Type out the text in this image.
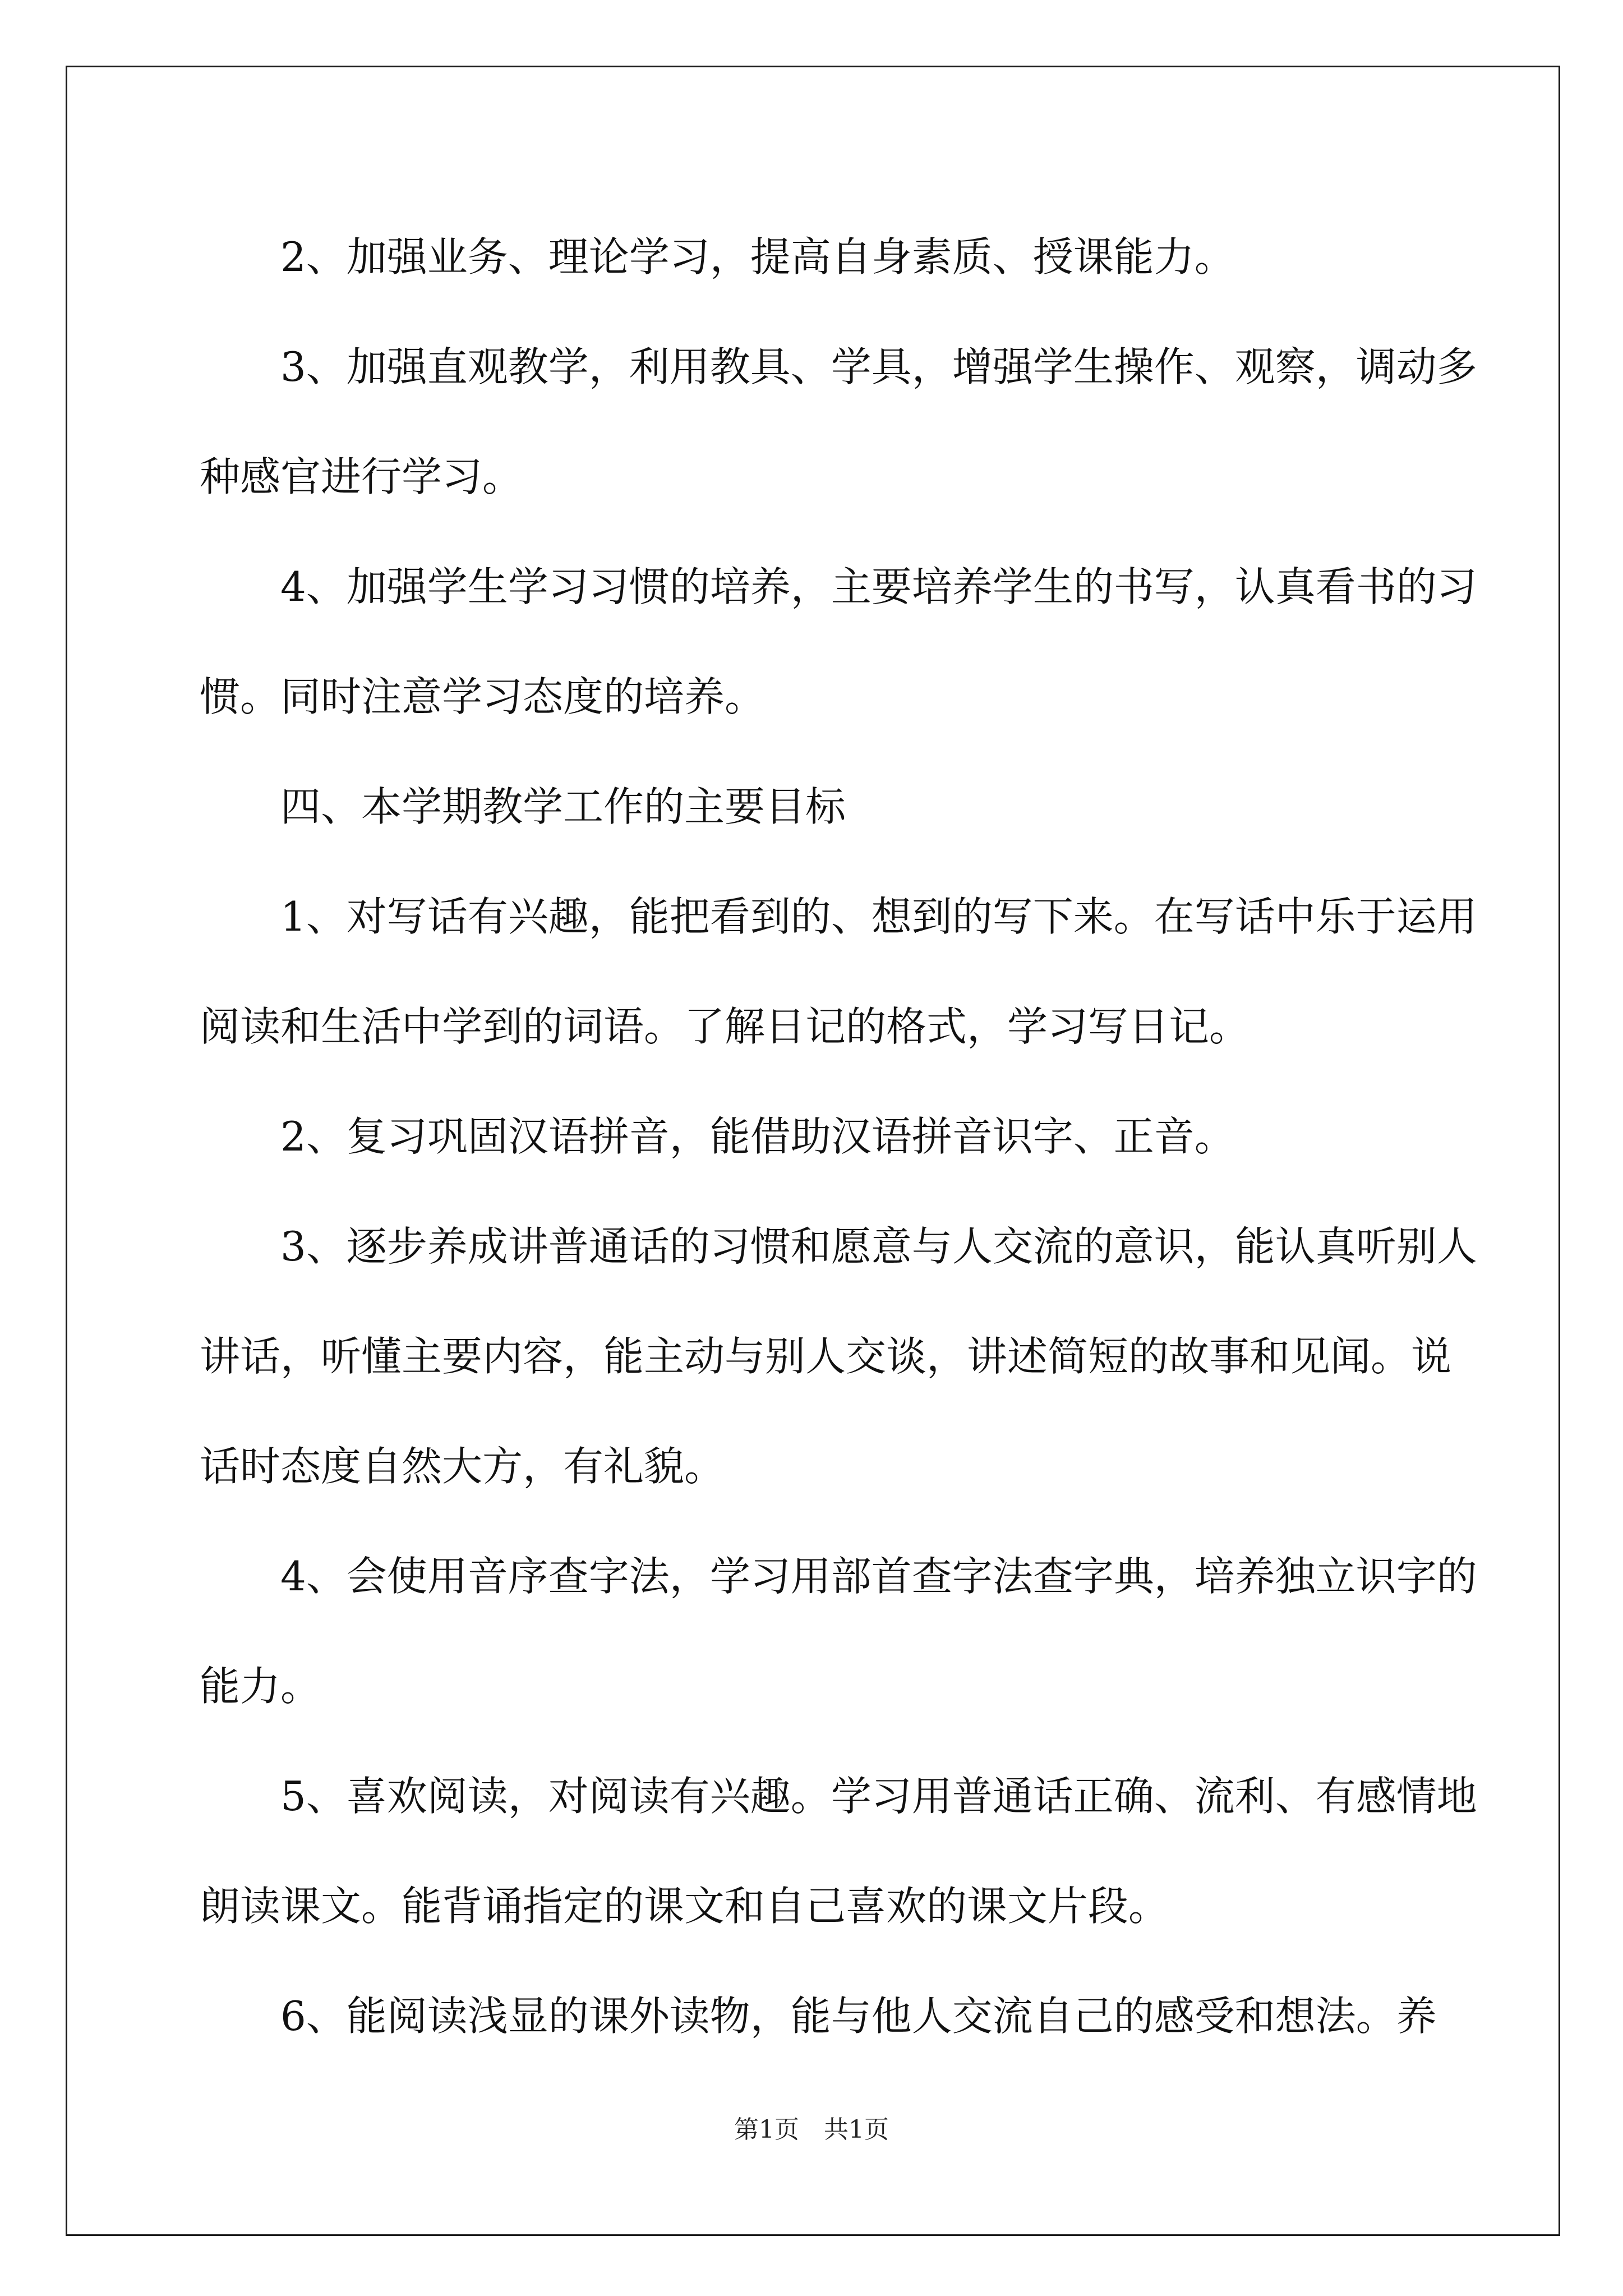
2、加强业务、理论学习，提高自身素质、授课能力。

3、加强直观教学，利用教具、学具，增强学生操作、观察，调动多种感官进行学习。

4、加强学生学习习惯的培养，主要培养学生的书写，认真看书的习惯。同时注意学习态度的培养。

四、本学期教学工作的主要目标

1、对写话有兴趣，能把看到的、想到的写下来。在写话中乐于运用阅读和生活中学到的词语。了解日记的格式，学习写日记。

2、复习巩固汉语拼音，能借助汉语拼音识字、正音。

3、逐步养成讲普通话的习惯和愿意与人交流的意识，能认真听别人讲话，听懂主要内容，能主动与别人交谈，讲述简短的故事和见闻。说话时态度自然大方，有礼貌。

4、会使用音序查字法，学习用部首查字法查字典，培养独立识字的能力。

5、喜欢阅读，对阅读有兴趣。学习用普通话正确、流利、有感情地朗读课文。能背诵指定的课文和自己喜欢的课文片段。

6、能阅读浅显的课外读物，能与他人交流自己的感受和想法。养

第1页　共1页
